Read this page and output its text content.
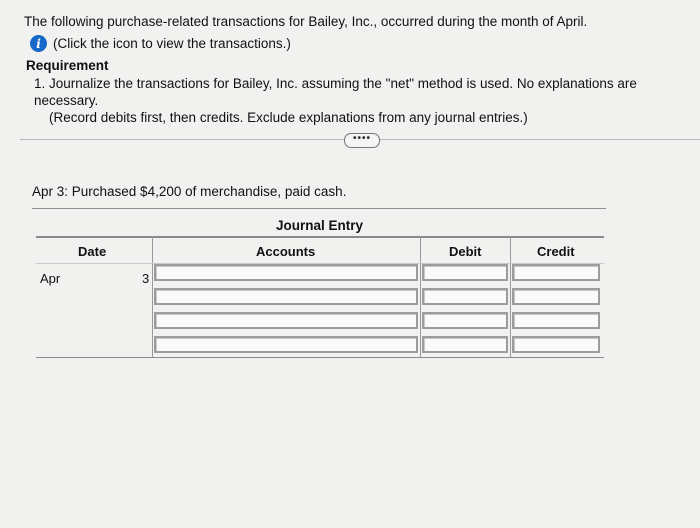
The following purchase-related transactions for Bailey, Inc., occurred during the month of April.
i (Click the icon to view the transactions.)
Requirement
1. Journalize the transactions for Bailey, Inc. assuming the "net" method is used. No explanations are necessary.
(Record debits first, then credits. Exclude explanations from any journal entries.)
••••
Apr 3: Purchased $4,200 of merchandise, paid cash.
Journal Entry
Date	Accounts	Debit	Credit
Apr	3
